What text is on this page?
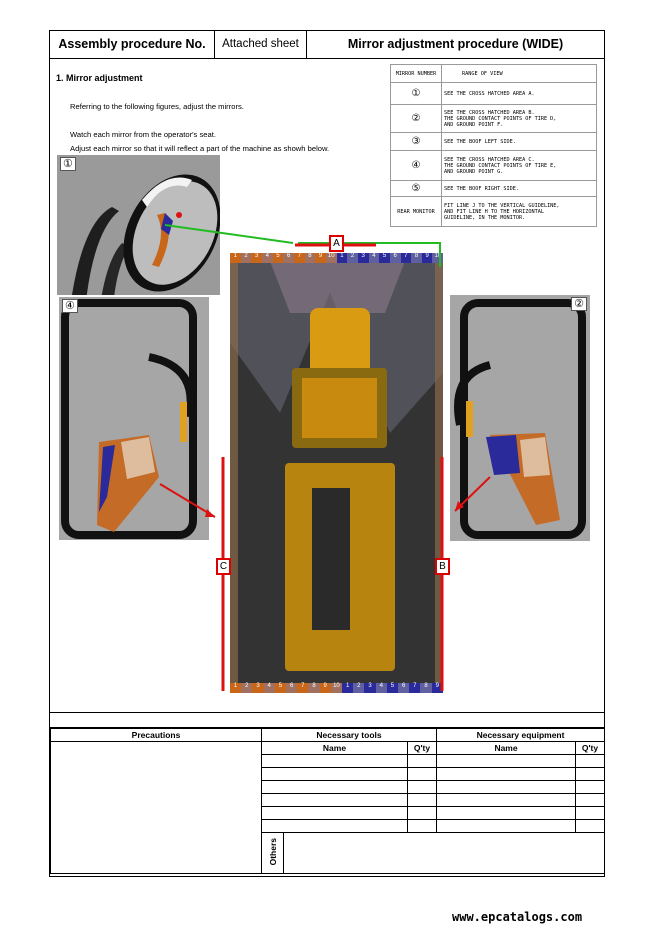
Assembly procedure No.	Attached sheet	Mirror adjustment procedure (WIDE)
1. Mirror adjustment
Referring to the following figures, adjust the mirrors.
Watch each mirror from the operator's seat.
Adjust each mirror so that it will reflect a part of the machine as showh below.
MIRROR NUMBER	RANGE OF VIEW
①	SEE THE CROSS HATCHED AREA A.

②	SEE THE CROSS HATCHED AREA B.
THE GROUND CONTACT POINTS OF TIRE D,
AND GROUND POINT F.

③	SEE THE BOOF LEFT SIDE.

④	SEE THE CROSS HATCHED AREA C.
THE GROUND CONTACT POINTS OF TIRE E,
AND GROUND POINT G.

⑤	SEE THE BOOF RIGHT SIDE.

REAR MONITOR	FIT LINE J TO THE VERTICAL GUIDELINE,
AND FIT LINE H TO THE HORIZONTAL
GUIDELINE, IN THE MONITOR.
①
④	②
1	2	3	4	5	6	7	8	9 10 1	2	3	4	5	6	7	8	9 10
1	2	3	4	5	6	7	8	9	10	1	2	3	4	5	6	7	8	9
A
B
C
Precautions	Necessary tools			Necessary equipment	
	Name		Q'ty	Name	Q'ty

	Others				
www.epcatalogs.com
